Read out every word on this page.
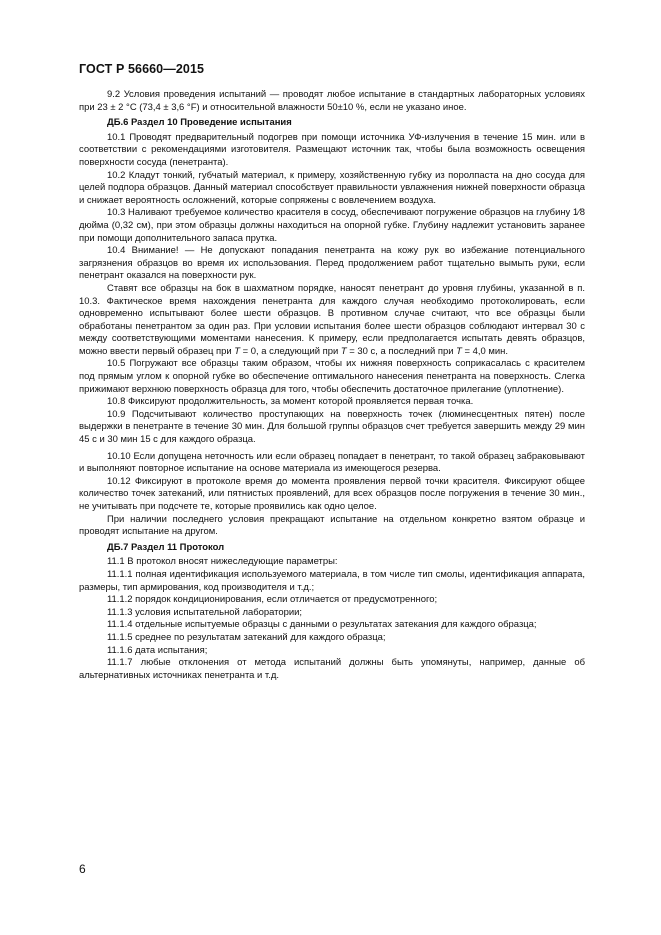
ГОСТ Р 56660—2015

9.2 Условия проведения испытаний — проводят любое испытание в стандартных лабораторных условиях при 23 ± 2 °C (73,4 ± 3,6 °F) и относительной влажности 50±10 %, если не указано иное.

ДБ.6 Раздел 10 Проведение испытания

10.1 Проводят предварительный подогрев при помощи источника УФ-излучения в течение 15 мин. или в соответствии с рекомендациями изготовителя. Размещают источник так, чтобы была возможность освещения поверхности сосуда (пенетранта).

10.2 Кладут тонкий, губчатый материал, к примеру, хозяйственную губку из поролпаста на дно сосуда для целей подпора образцов. Данный материал способствует правильности увлажнения нижней поверхности образца и снижает вероятность осложнений, которые сопряжены с вовлечением воздуха.

10.3 Наливают требуемое количество красителя в сосуд, обеспечивают погружение образцов на глубину 1⁄8 дюйма (0,32 см), при этом образцы должны находиться на опорной губке. Глубину надлежит установить заранее при помощи дополнительного запаса прутка.

10.4 Внимание! — Не допускают попадания пенетранта на кожу рук во избежание потенциального загрязнения образцов во время их использования. Перед продолжением работ тщательно вымыть руки, если пенетрант оказался на поверхности рук.

Ставят все образцы на бок в шахматном порядке, наносят пенетрант до уровня глубины, указанной в п. 10.3. Фактическое время нахождения пенетранта для каждого случая необходимо протоколировать, если одновременно испытывают более шести образцов. В противном случае считают, что все образцы были обработаны пенетрантом за один раз. При условии испытания более шести образцов соблюдают интервал 30 с между соответствующими моментами нанесения. К примеру, если предполагается испытать девять образцов, можно ввести первый образец при T = 0, а следующий при T = 30 с, а последний при T = 4,0 мин.

10.5 Погружают все образцы таким образом, чтобы их нижняя поверхность соприкасалась с красителем под прямым углом к опорной губке во обеспечение оптимального нанесения пенетранта на поверхность. Слегка прижимают верхнюю поверхность образца для того, чтобы обеспечить достаточное прилегание (уплотнение).

10.8 Фиксируют продолжительность, за момент которой проявляется первая точка.

10.9 Подсчитывают количество проступающих на поверхность точек (люминесцентных пятен) после выдержки в пенетранте в течение 30 мин. Для большой группы образцов счет требуется завершить между 29 мин 45 с и 30 мин 15 с для каждого образца.

10.10 Если допущена неточность или если образец попадает в пенетрант, то такой образец забраковывают и выполняют повторное испытание на основе материала из имеющегося резерва.

10.12 Фиксируют в протоколе время до момента проявления первой точки красителя. Фиксируют общее количество точек затеканий, или пятнистых проявлений, для всех образцов после погружения в течение 30 мин., не учитывать при подсчете те, которые проявились как одно целое.

При наличии последнего условия прекращают испытание на отдельном конкретно взятом образце и проводят испытание на другом.

ДБ.7 Раздел 11 Протокол

11.1 В протокол вносят нижеследующие параметры:

11.1.1 полная идентификация используемого материала, в том числе тип смолы, идентификация аппарата, размеры, тип армирования, код производителя и т.д.;

11.1.2 порядок кондиционирования, если отличается от предусмотренного;

11.1.3 условия испытательной лаборатории;

11.1.4 отдельные испытуемые образцы с данными о результатах затекания для каждого образца;

11.1.5 среднее по результатам затеканий для каждого образца;

11.1.6 дата испытания;

11.1.7 любые отклонения от метода испытаний должны быть упомянуты, например, данные об альтернативных источниках пенетранта и т.д.

6
